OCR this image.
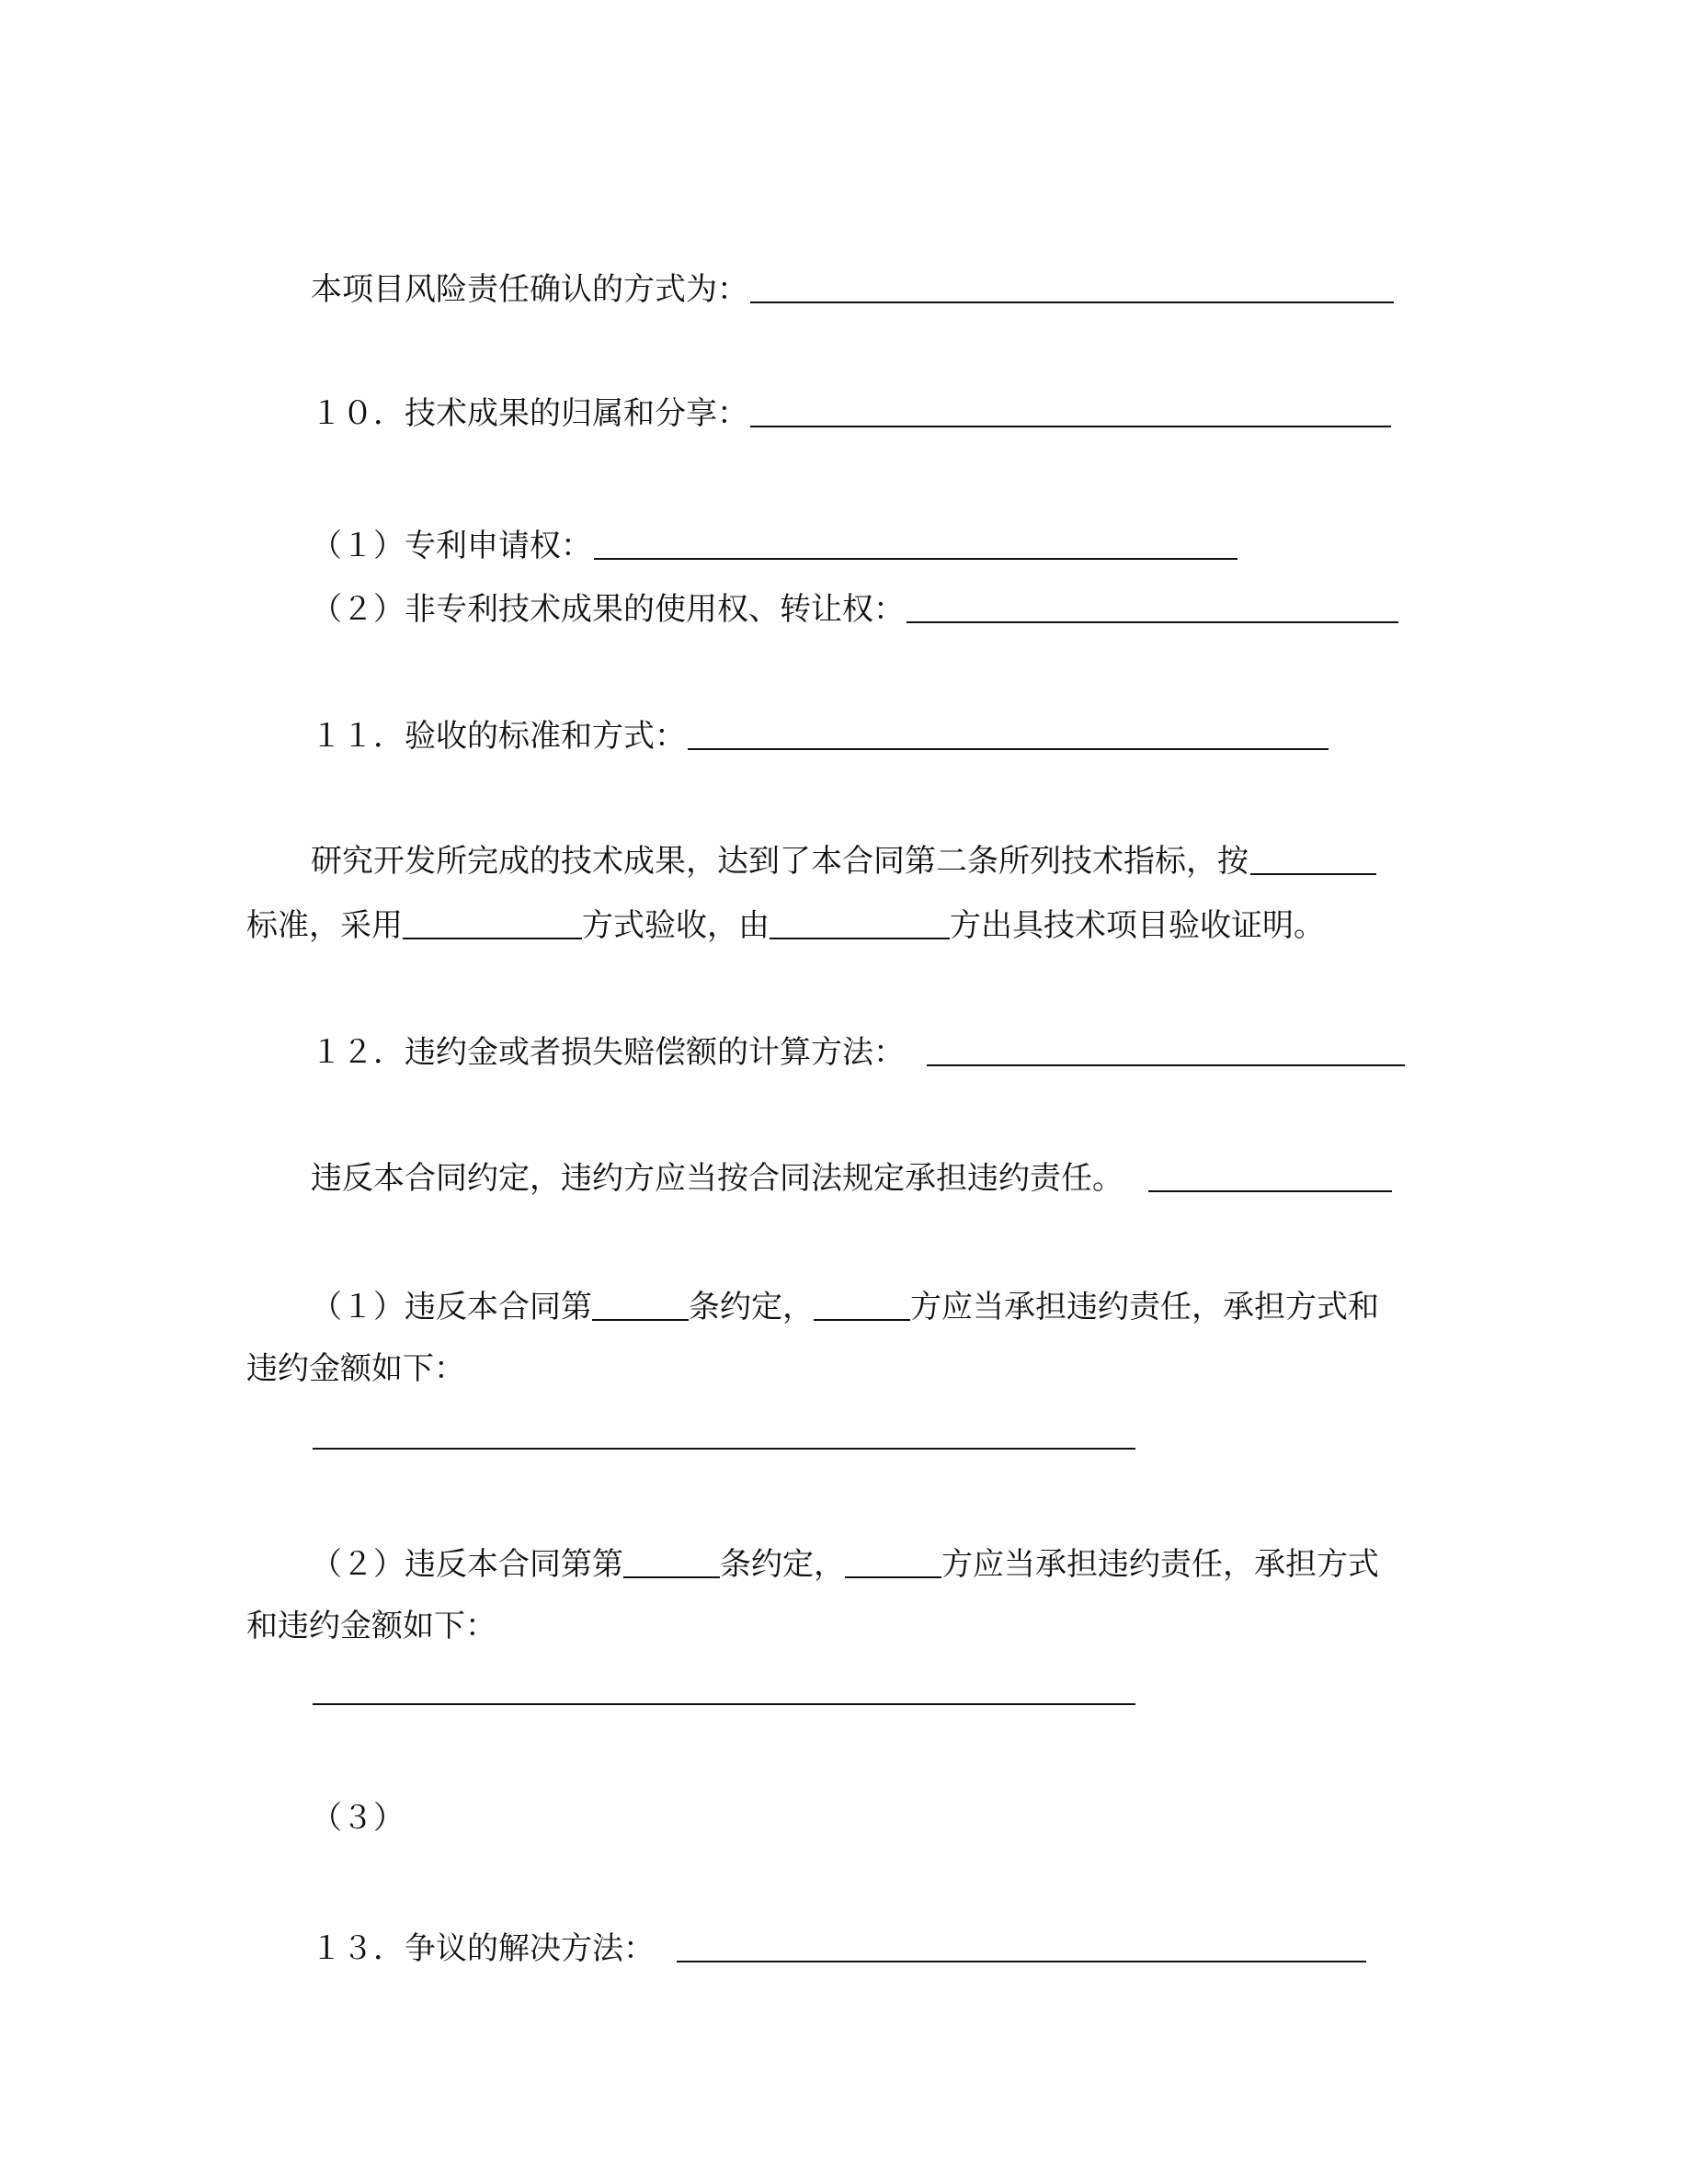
本项目风险责任确认的方式为：
１０．技术成果的归属和分享：
（１）专利申请权：
（２）非专利技术成果的使用权、转让权：
１１．验收的标准和方式：
研究开发所完成的技术成果，达到了本合同第二条所列技术指标，按
标准，采用	方式验收，由	方出具技术项目验收证明。
１２．违约金或者损失赔偿额的计算方法：
违反本合同约定，违约方应当按合同法规定承担违约责任。
（１）违反本合同第	条约定，	方应当承担违约责任，承担方式和
违约金额如下：
（２）违反本合同第第	条约定，	方应当承担违约责任，承担方式
和违约金额如下：
（３）
１３．争议的解决方法：
